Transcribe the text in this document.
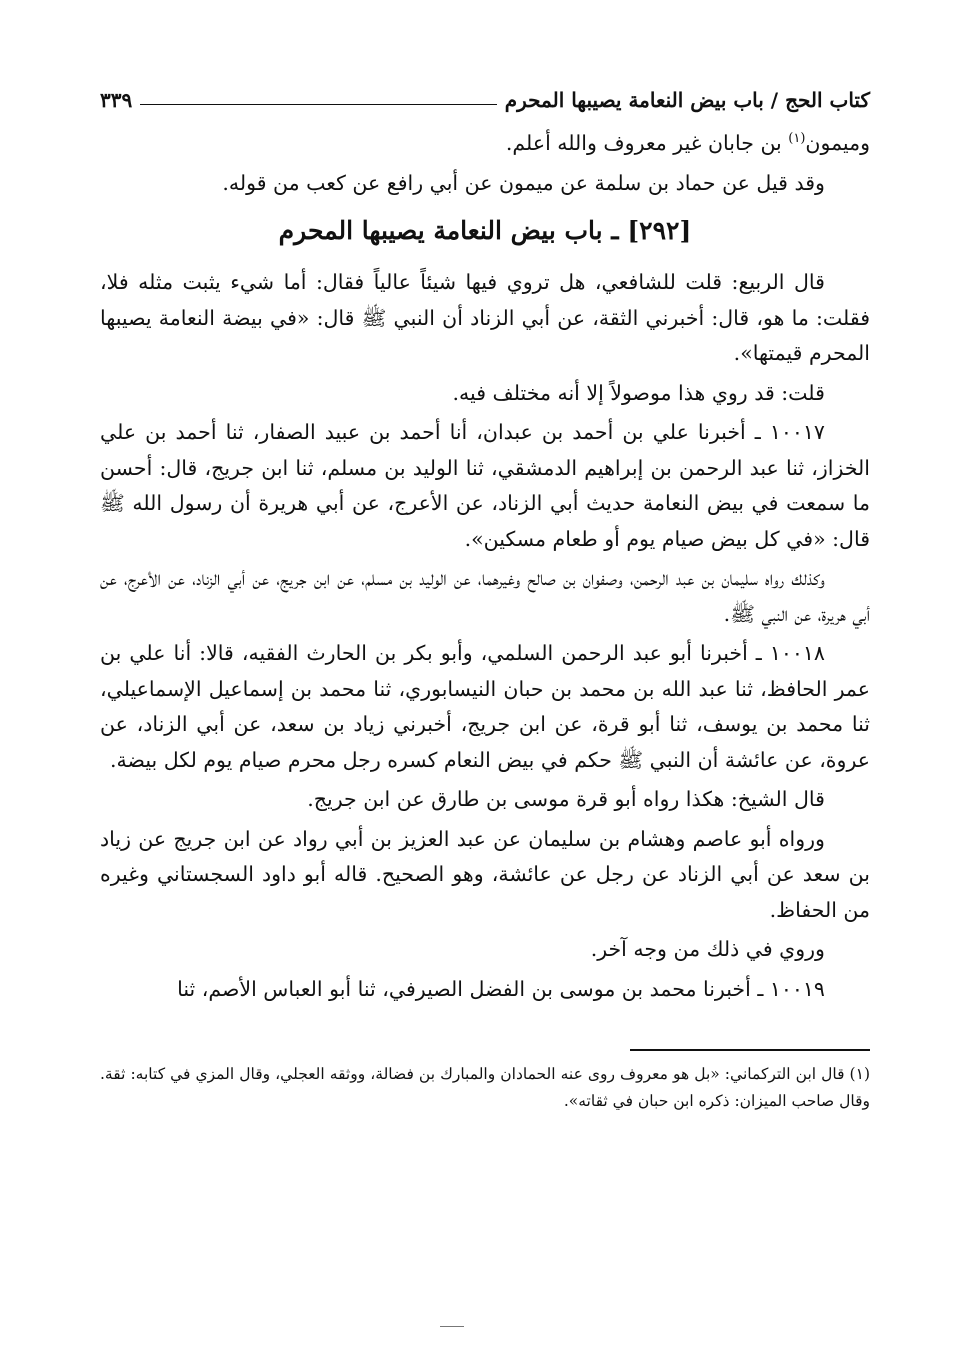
كتاب الحج / باب بيض النعامة يصيبها المحرم
٣٣٩

وميمون$^{(١)}$ بن جابان غير معروف والله أعلم.

وقد قيل عن حماد بن سلمة عن ميمون عن أبي رافع عن كعب من قوله.

[٢٩٢] ـ باب بيض النعامة يصيبها المحرم

قال الربيع: قلت للشافعي، هل تروي فيها شيئاً عالياً فقال: أما شيء يثبت مثله فلا، فقلت: ما هو، قال: أخبرني الثقة، عن أبي الزناد أن النبي ﷺ قال: «في بيضة النعامة يصيبها المحرم قيمتها».

قلت: قد روي هذا موصولاً إلا أنه مختلف فيه.

١٠٠١٧ ـ أخبرنا علي بن أحمد بن عبدان، أنا أحمد بن عبيد الصفار، ثنا أحمد بن علي الخزاز، ثنا عبد الرحمن بن إبراهيم الدمشقي، ثنا الوليد بن مسلم، ثنا ابن جريج، قال: أحسن ما سمعت في بيض النعامة حديث أبي الزناد، عن الأعرج، عن أبي هريرة أن رسول الله ﷺ قال: «في كل بيض صيام يوم أو طعام مسكين».

وكذلك رواه سليمان بن عبد الرحمن، وصفوان بن صالح وغيرهما، عن الوليد بن مسلم، عن ابن جريج، عن أبي الزناد، عن الأعرج، عن أبي هريرة، عن النبي ﷺ.

١٠٠١٨ ـ أخبرنا أبو عبد الرحمن السلمي، وأبو بكر بن الحارث الفقيه، قالا: أنا علي بن عمر الحافظ، ثنا عبد الله بن محمد بن حبان النيسابوري، ثنا محمد بن إسماعيل الإسماعيلي، ثنا محمد بن يوسف، ثنا أبو قرة، عن ابن جريج، أخبرني زياد بن سعد، عن أبي الزناد، عن عروة، عن عائشة أن النبي ﷺ حكم في بيض النعام كسره رجل محرم صيام يوم لكل بيضة.

قال الشيخ: هكذا رواه أبو قرة موسى بن طارق عن ابن جريج.

ورواه أبو عاصم وهشام بن سليمان عن عبد العزيز بن أبي رواد عن ابن جريج عن زياد بن سعد عن أبي الزناد عن رجل عن عائشة، وهو الصحيح. قاله أبو داود السجستاني وغيره من الحفاظ.

وروي في ذلك من وجه آخر.

١٠٠١٩ ـ أخبرنا محمد بن موسى بن الفضل الصيرفي، ثنا أبو العباس الأصم، ثنا

(١) قال ابن التركماني: «بل هو معروف روى عنه الحمادان والمبارك بن فضالة، ووثقه العجلي، وقال المزي في كتابه: ثقة. وقال صاحب الميزان: ذكره ابن حبان في ثقاته».
